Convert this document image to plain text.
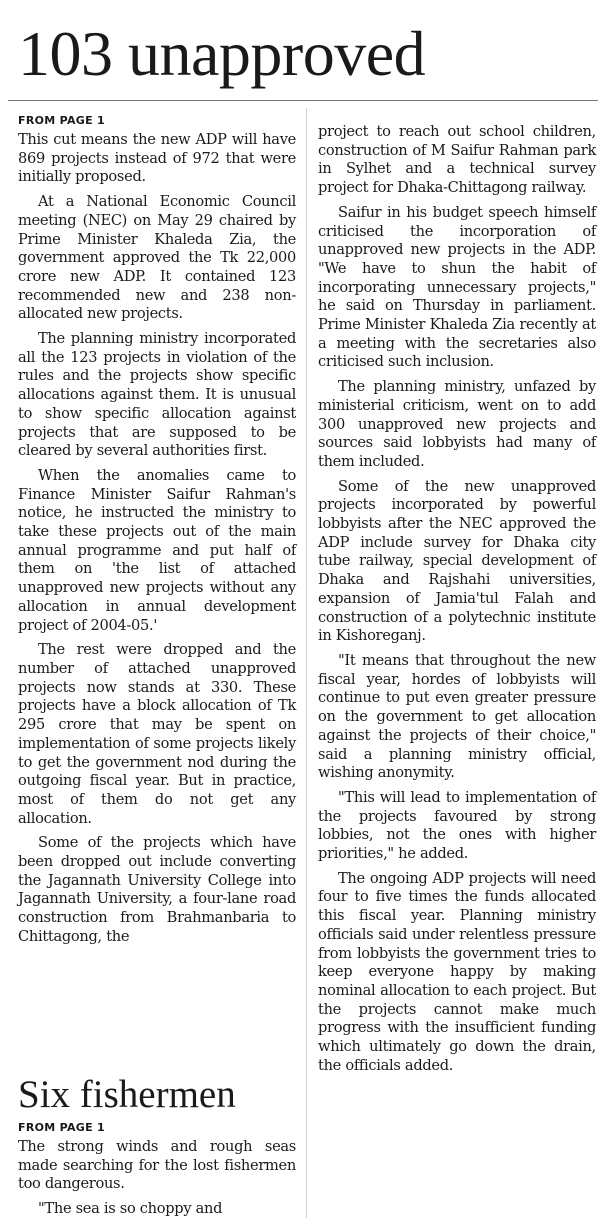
103 unapproved
FROM PAGE 1

This cut means the new ADP will have 869 projects instead of 972 that were initially proposed.

At a National Economic Council meeting (NEC) on May 29 chaired by Prime Minister Khaleda Zia, the government approved the Tk 22,000 crore new ADP. It contained 123 recommended new and 238 non-allocated new projects.

The planning ministry incorporated all the 123 projects in violation of the rules and the projects show specific allocations against them. It is unusual to show specific allocation against projects that are supposed to be cleared by several authorities first.

When the anomalies came to Finance Minister Saifur Rahman's notice, he instructed the ministry to take these projects out of the main annual programme and put half of them on 'the list of attached unapproved new projects without any allocation in annual development project of 2004-05.'

The rest were dropped and the number of attached unapproved projects now stands at 330. These projects have a block allocation of Tk 295 crore that may be spent on implementation of some projects likely to get the government nod during the outgoing fiscal year. But in practice, most of them do not get any allocation.

Some of the projects which have been dropped out include converting the Jagannath University College into Jagannath University, a four-lane road construction from Brahmanbaria to Chittagong, the

Six fishermen
FROM PAGE 1

The strong winds and rough seas made searching for the lost fishermen too dangerous.

"The sea is so choppy and

project to reach out school children, construction of M Saifur Rahman park in Sylhet and a technical survey project for Dhaka-Chittagong railway.

Saifur in his budget speech himself criticised the incorporation of unapproved new projects in the ADP. "We have to shun the habit of incorporating unnecessary projects," he said on Thursday in parliament. Prime Minister Khaleda Zia recently at a meeting with the secretaries also criticised such inclusion.

The planning ministry, unfazed by ministerial criticism, went on to add 300 unapproved new projects and sources said lobbyists had many of them included.

Some of the new unapproved projects incorporated by powerful lobbyists after the NEC approved the ADP include survey for Dhaka city tube railway, special development of Dhaka and Rajshahi universities, expansion of Jamia'tul Falah and construction of a polytechnic institute in Kishoreganj.

"It means that throughout the new fiscal year, hordes of lobbyists will continue to put even greater pressure on the government to get allocation against the projects of their choice," said a planning ministry official, wishing anonymity.

"This will lead to implementation of the projects favoured by strong lobbies, not the ones with higher priorities," he added.

The ongoing ADP projects will need four to five times the funds allocated this fiscal year. Planning ministry officials said under relentless pressure from lobbyists the government tries to keep everyone happy by making nominal allocation to each project. But the projects cannot make much progress with the insufficient funding which ultimately go down the drain, the officials added.
